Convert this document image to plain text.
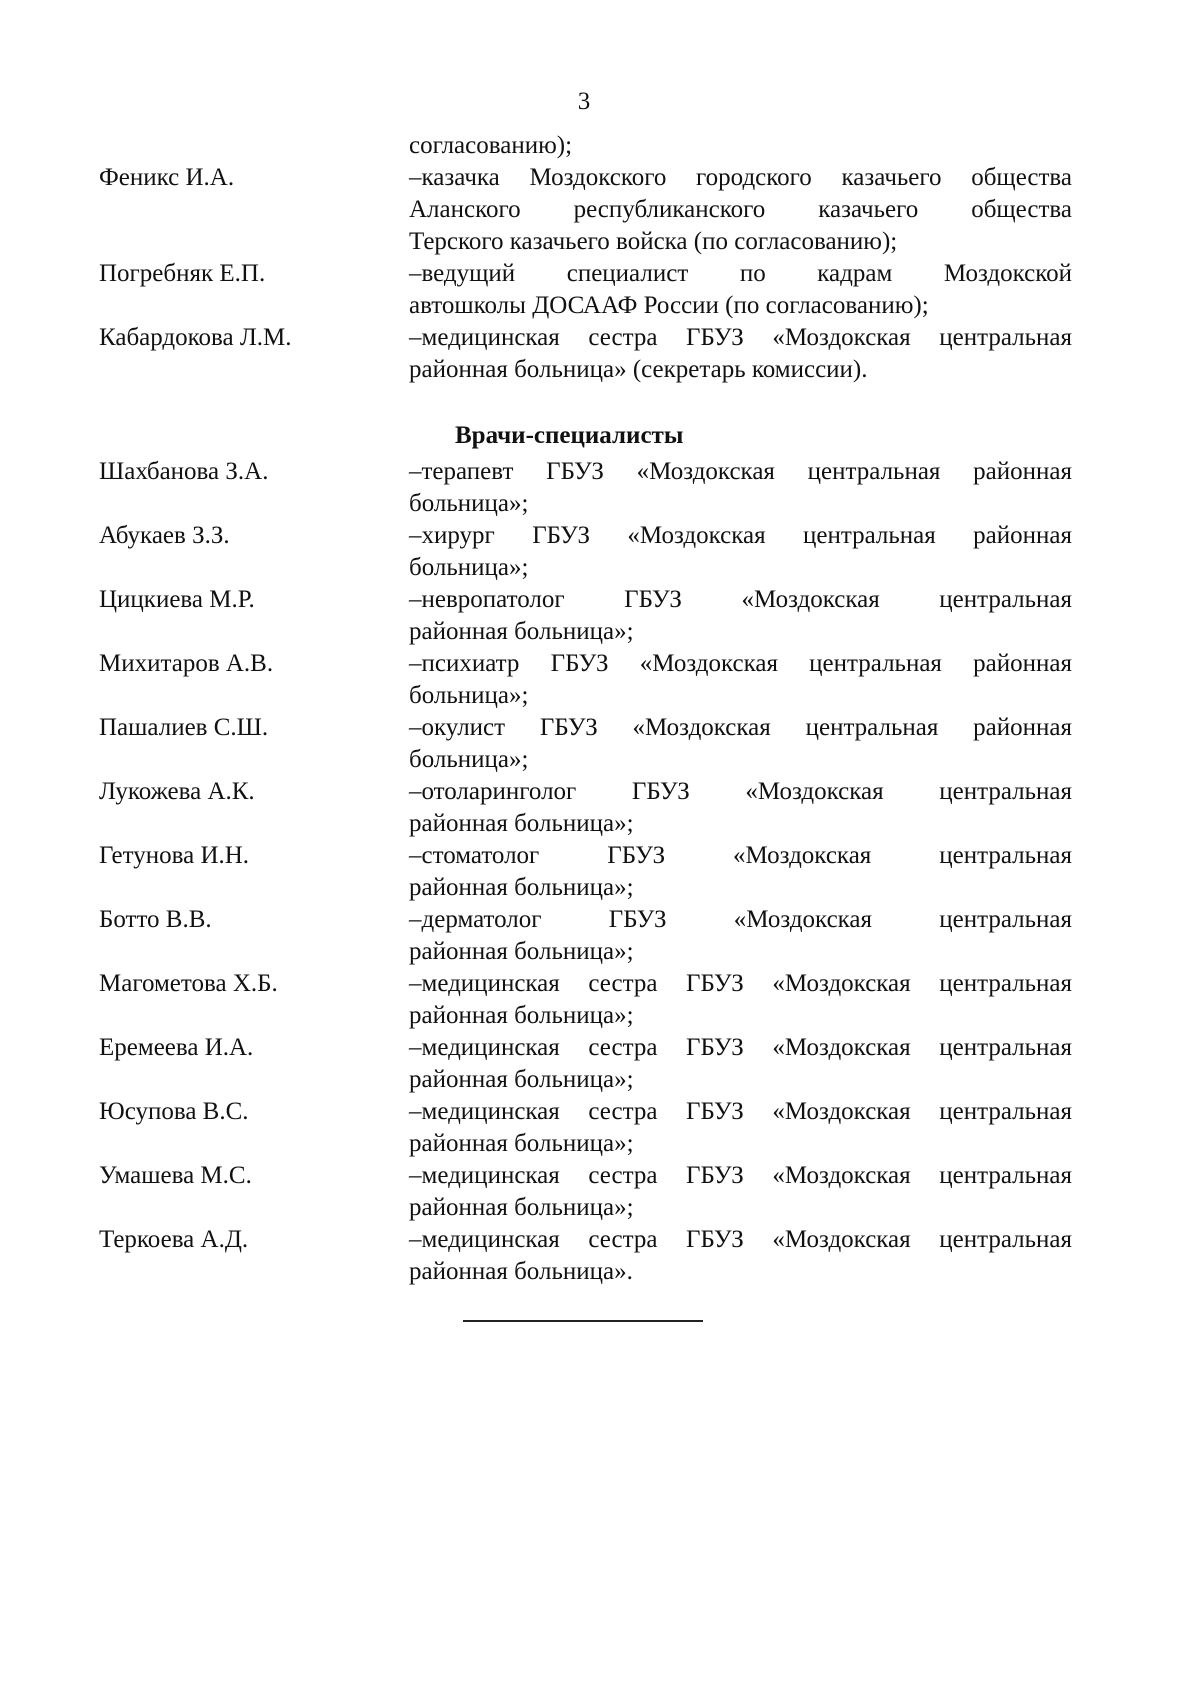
3
согласованию);
Феникс И.А.	–казачка Моздокского городского казачьего общества
Аланского республиканского казачьего общества
Терского казачьего войска (по согласованию);
Погребняк Е.П.	–ведущий специалист по кадрам Моздокской
автошколы ДОСААФ России (по согласованию);
Кабардокова Л.М.	–медицинская сестра ГБУЗ «Моздокская центральная
районная больница» (секретарь комиссии).
Врачи-специалисты
Шахбанова З.А.	–терапевт ГБУЗ «Моздокская центральная районная
больница»;
Абукаев З.З.	–хирург ГБУЗ «Моздокская центральная районная
больница»;
Цицкиева М.Р.	–невропатолог ГБУЗ «Моздокская центральная
районная больница»;
Михитаров А.В.	–психиатр ГБУЗ «Моздокская центральная районная
больница»;
Пашалиев С.Ш.	–окулист ГБУЗ «Моздокская центральная районная
больница»;
Лукожева А.К.	–отоларинголог ГБУЗ «Моздокская центральная
районная больница»;
Гетунова И.Н.	–стоматолог ГБУЗ «Моздокская центральная
районная больница»;
Ботто В.В.	–дерматолог ГБУЗ «Моздокская центральная
районная больница»;
Магометова Х.Б.	–медицинская сестра ГБУЗ «Моздокская центральная
районная больница»;
Еремеева И.А.	–медицинская сестра ГБУЗ «Моздокская центральная
районная больница»;
Юсупова В.С.	–медицинская сестра ГБУЗ «Моздокская центральная
районная больница»;
Умашева М.С.	–медицинская сестра ГБУЗ «Моздокская центральная
районная больница»;
Теркоева А.Д.	–медицинская сестра ГБУЗ «Моздокская центральная
районная больница».
